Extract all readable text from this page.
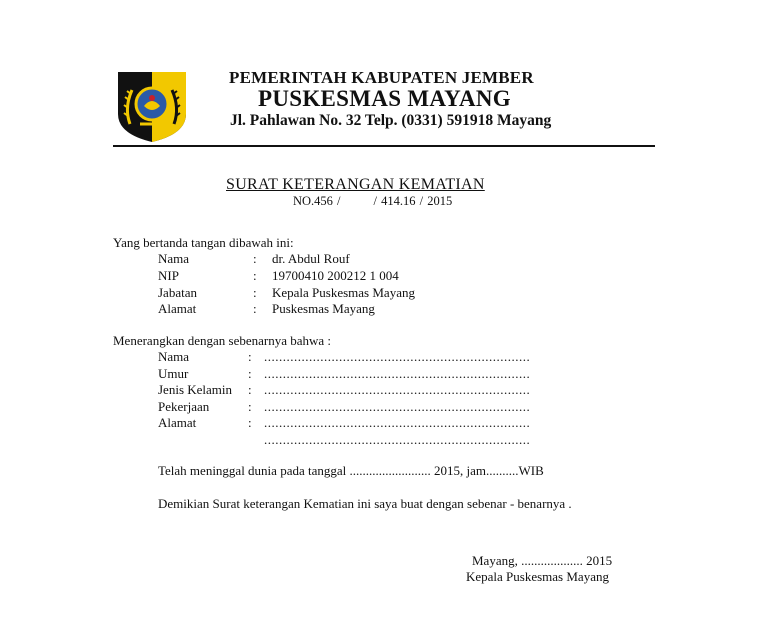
PEMERINTAH KABUPATEN JEMBER
PUSKESMAS MAYANG
Jl. Pahlawan No. 32 Telp. (0331) 591918 Mayang
SURAT KETERANGAN KEMATIAN
NO.456 /        / 414.16 / 2015
Yang bertanda tangan dibawah ini:
Nama	: dr. Abdul Rouf
NIP	: 19700410 200212 1 004
Jabatan	: Kepala Puskesmas Mayang
Alamat	: Puskesmas Mayang
Menerangkan dengan sebenarnya bahwa :
Nama	: .......................................................................
Umur	: .......................................................................
Jenis Kelamin : .......................................................................
Pekerjaan	: .......................................................................
Alamat	: .......................................................................
.......................................................................
Telah meninggal dunia pada tanggal ......................... 2015, jam..........WIB
Demikian Surat keterangan Kematian ini saya buat dengan sebenar - benarnya .
Mayang, ................... 2015
Kepala Puskesmas Mayang
